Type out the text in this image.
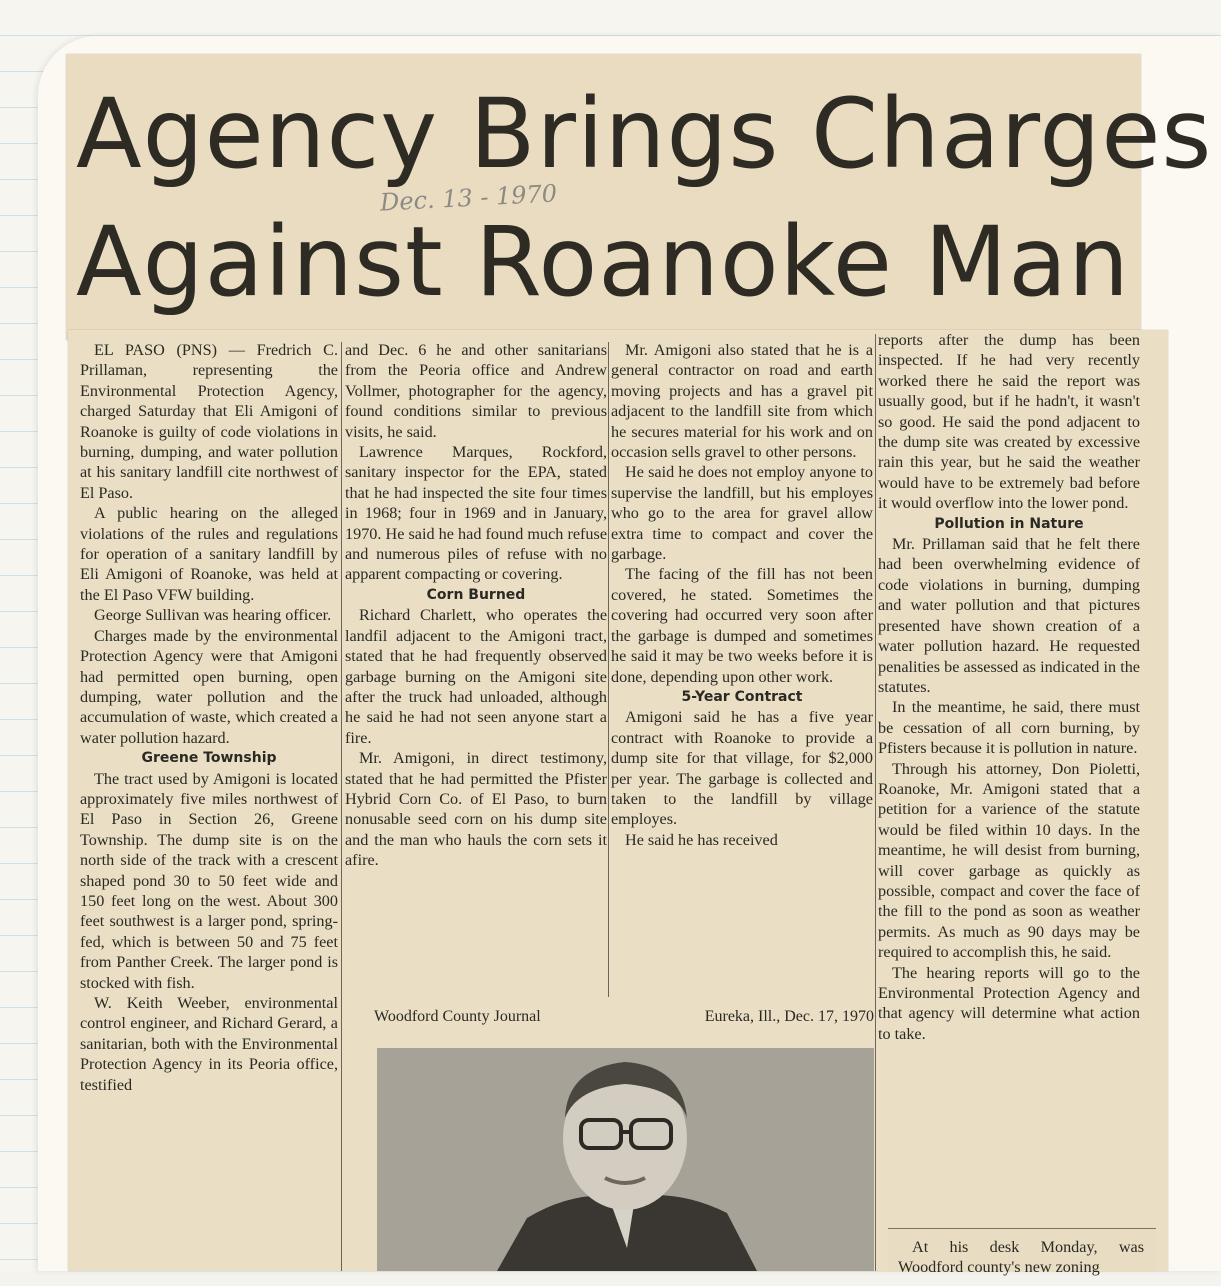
Agency Brings Charges
Against Roanoke Man
Dec. 13 - 1970

EL PASO (PNS) — Fredrich C. Prillaman, representing the Environmental Protection Agency, charged Saturday that Eli Amigoni of Roanoke is guilty of code violations in burning, dumping, and water pollution at his sanitary landfill cite northwest of El Paso.

A public hearing on the alleged violations of the rules and regulations for operation of a sanitary landfill by Eli Amigoni of Roanoke, was held at the El Paso VFW building.

George Sullivan was hearing officer.

Charges made by the environmental Protection Agency were that Amigoni had permitted open burning, open dumping, water pollution and the accumulation of waste, which created a water pollution hazard.

Greene Township

The tract used by Amigoni is located approximately five miles northwest of El Paso in Section 26, Greene Township. The dump site is on the north side of the track with a crescent shaped pond 30 to 50 feet wide and 150 feet long on the west. About 300 feet southwest is a larger pond, spring-fed, which is between 50 and 75 feet from Panther Creek. The larger pond is stocked with fish.

W. Keith Weeber, environmental control engineer, and Richard Gerard, a sanitarian, both with the Environmental Protection Agency in its Peoria office, testified

and Dec. 6 he and other sanitarians from the Peoria office and Andrew Vollmer, photographer for the agency, found conditions similar to previous visits, he said.

Lawrence Marques, Rockford, sanitary inspector for the EPA, stated that he had inspected the site four times in 1968; four in 1969 and in January, 1970. He said he had found much refuse and numerous piles of refuse with no apparent compacting or covering.

Corn Burned

Richard Charlett, who operates the landfil adjacent to the Amigoni tract, stated that he had frequently observed garbage burning on the Amigoni site after the truck had unloaded, although he said he had not seen anyone start a fire.

Mr. Amigoni, in direct testimony, stated that he had permitted the Pfister Hybrid Corn Co. of El Paso, to burn nonusable seed corn on his dump site and the man who hauls the corn sets it afire.

Mr. Amigoni also stated that he is a general contractor on road and earth moving projects and has a gravel pit adjacent to the landfill site from which he secures material for his work and on occasion sells gravel to other persons.

He said he does not employ anyone to supervise the landfill, but his employes who go to the area for gravel allow extra time to compact and cover the garbage.

The facing of the fill has not been covered, he stated. Sometimes the covering had occurred very soon after the garbage is dumped and sometimes he said it may be two weeks before it is done, depending upon other work.

5-Year Contract

Amigoni said he has a five year contract with Roanoke to provide a dump site for that village, for $2,000 per year. The garbage is collected and taken to the landfill by village employes.

He said he has received

reports after the dump has been inspected. If he had very recently worked there he said the report was usually good, but if he hadn't, it wasn't so good. He said the pond adjacent to the dump site was created by excessive rain this year, but he said the weather would have to be extremely bad before it would overflow into the lower pond.

Pollution in Nature

Mr. Prillaman said that he felt there had been overwhelming evidence of code violations in burning, dumping and water pollution and that pictures presented have shown creation of a water pollution hazard. He requested penalities be assessed as indicated in the statutes.

In the meantime, he said, there must be cessation of all corn burning, by Pfisters because it is pollution in nature.

Through his attorney, Don Pioletti, Roanoke, Mr. Amigoni stated that a petition for a varience of the statute would be filed within 10 days. In the meantime, he will desist from burning, will cover garbage as quickly as possible, compact and cover the face of the fill to the pond as soon as weather permits. As much as 90 days may be required to accomplish this, he said.

The hearing reports will go to the Environmental Protection Agency and that agency will determine what action to take.

Woodford County Journal	Eureka, Ill., Dec. 17, 1970

At his desk Monday, was Woodford county's new zoning
